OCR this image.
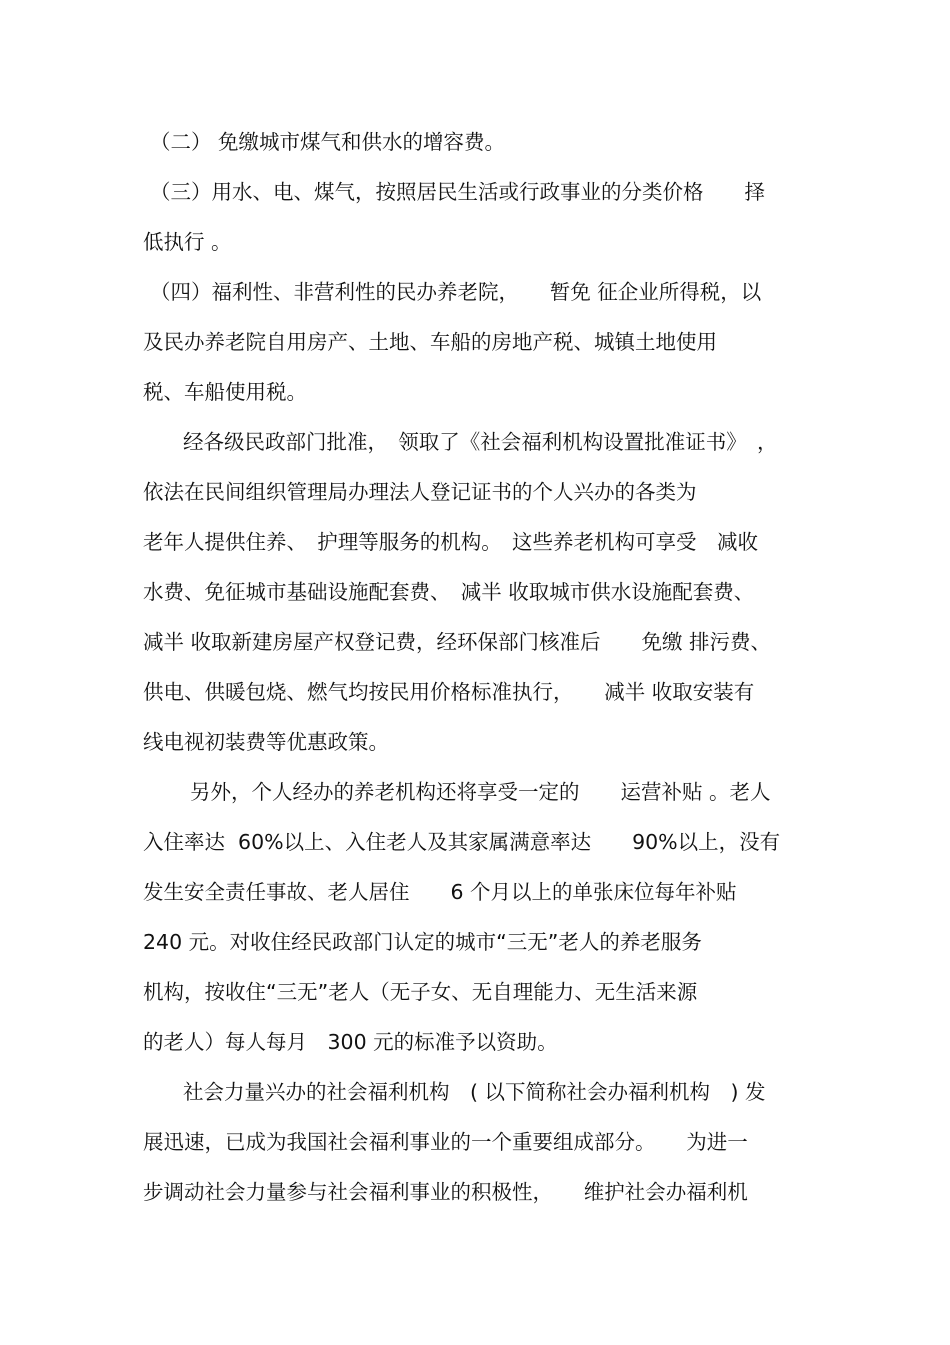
（二） 免缴城市煤气和供水的增容费。
（三）用水、电、煤气，按照居民生活或行政事业的分类价格　　择
低执行 。
（四）福利性、非营利性的民办养老院，　　暂免 征企业所得税，以
及民办养老院自用房产、土地、车船的房地产税、城镇土地使用
税、车船使用税。
经各级民政部门批准，　领取了《社会福利机构设置批准证书》　，
依法在民间组织管理局办理法人登记证书的个人兴办的各类为
老年人提供住养、　护理等服务的机构。　这些养老机构可享受　减收
水费、免征城市基础设施配套费、　减半 收取城市供水设施配套费、
减半 收取新建房屋产权登记费，经环保部门核准后　　免缴 排污费、
供电、供暖包烧、燃气均按民用价格标准执行，　　减半 收取安装有
线电视初装费等优惠政策。
另外，个人经办的养老机构还将享受一定的　　运营补贴 。老人
入住率达  60%以上、入住老人及其家属满意率达　　90%以上，没有
发生安全责任事故、老人居住　　6 个月以上的单张床位每年补贴
240 元。对收住经民政部门认定的城市“三无”老人的养老服务
机构，按收住“三无”老人（无子女、无自理能力、无生活来源
的老人）每人每月　300 元的标准予以资助。
社会力量兴办的社会福利机构　( 以下简称社会办福利机构　) 发
展迅速，已成为我国社会福利事业的一个重要组成部分。　　为进一
步调动社会力量参与社会福利事业的积极性，　　维护社会办福利机
